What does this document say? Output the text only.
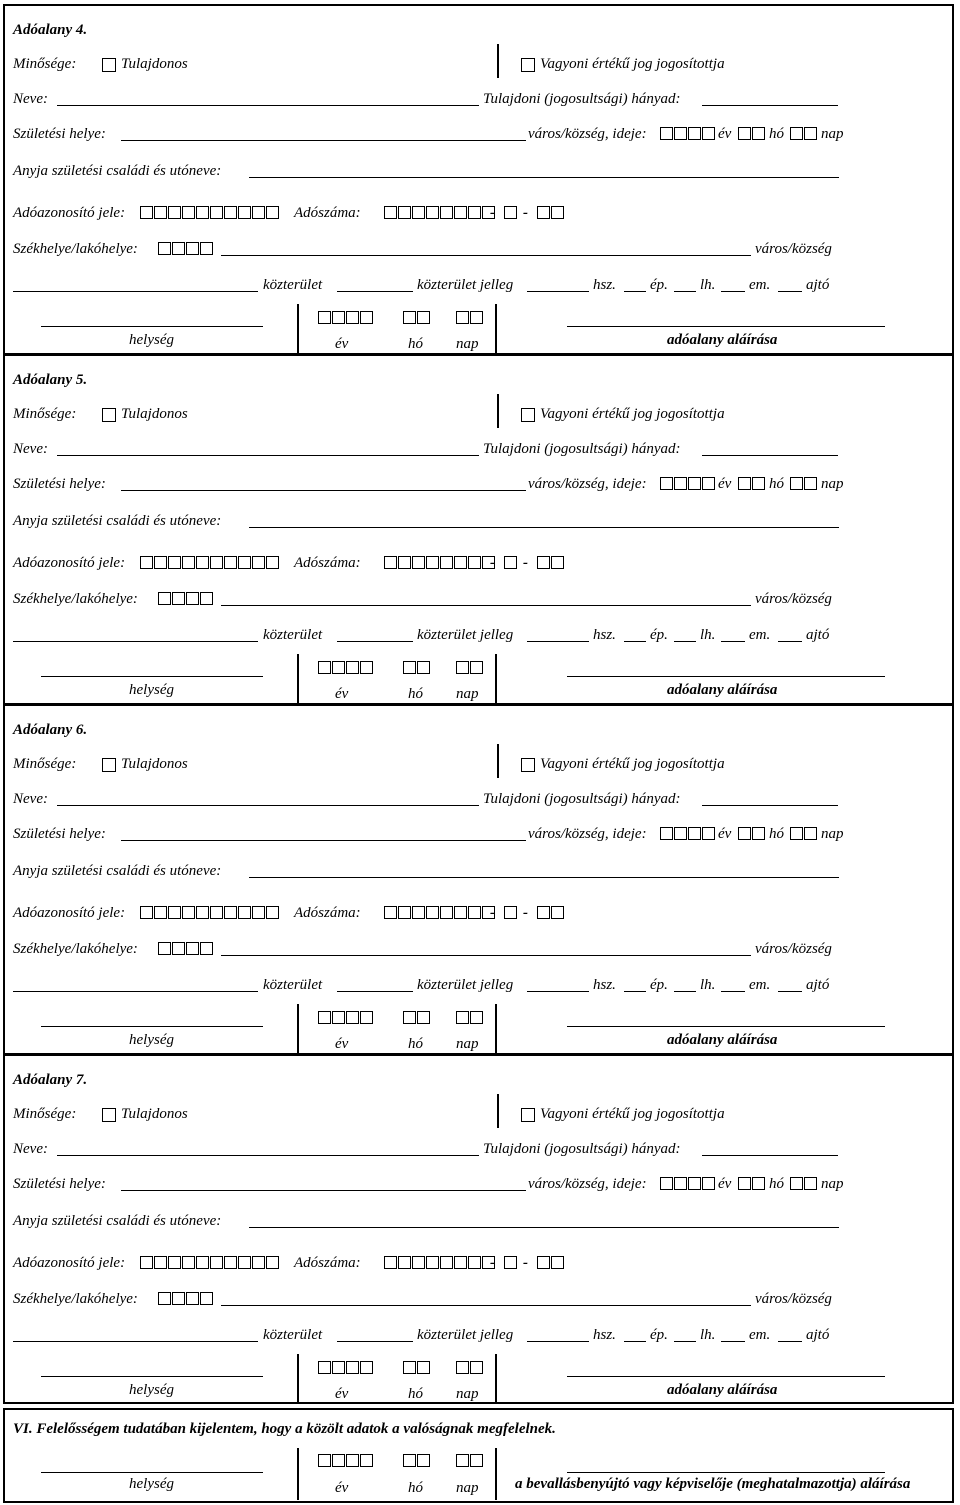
Adóalany 4.
Minősége:	Tulajdonos	Vagyoni értékű jog jogosítottja
Neve:	Tulajdoni (jogosultsági) hányad:
Születési helye:	város/község, ideje:	év	hó nap
Anyja születési családi és utóneve:
Adóazonosító jele:	Adószáma:	- -
Székhelye/lakóhelye:	város/község
közterület	közterület jelleg	hsz. ép. lh. em. ajtó
helység	év	hó nap	adóalany aláírása
Adóalany 5.
Minősége:	Tulajdonos	Vagyoni értékű jog jogosítottja
Neve:	Tulajdoni (jogosultsági) hányad:
Születési helye:	város/község, ideje:	év	hó nap
Anyja születési családi és utóneve:
Adóazonosító jele:	Adószáma:	- -
Székhelye/lakóhelye:	város/község
közterület	közterület jelleg	hsz. ép. lh. em. ajtó
helység	év	hó nap	adóalany aláírása
Adóalany 6.
Minősége:	Tulajdonos	Vagyoni értékű jog jogosítottja
Neve:	Tulajdoni (jogosultsági) hányad:
Születési helye:	város/község, ideje:	év	hó nap
Anyja születési családi és utóneve:
Adóazonosító jele:	Adószáma:	- -
Székhelye/lakóhelye:	város/község
közterület	közterület jelleg	hsz. ép. lh. em. ajtó
helység	év	hó nap	adóalany aláírása
Adóalany 7.
Minősége:	Tulajdonos	Vagyoni értékű jog jogosítottja
Neve:	Tulajdoni (jogosultsági) hányad:
Születési helye:	város/község, ideje:	év	hó nap
Anyja születési családi és utóneve:
Adóazonosító jele:	Adószáma:	- -
Székhelye/lakóhelye:	város/község
közterület	közterület jelleg	hsz. ép. lh. em. ajtó
helység	év	hó nap	adóalany aláírása
VI. Felelősségem tudatában kijelentem, hogy a közölt adatok a valóságnak megfelelnek.
helység	év	hó nap a bevallásbenyújtó vagy képviselője (meghatalmazottja) aláírása
